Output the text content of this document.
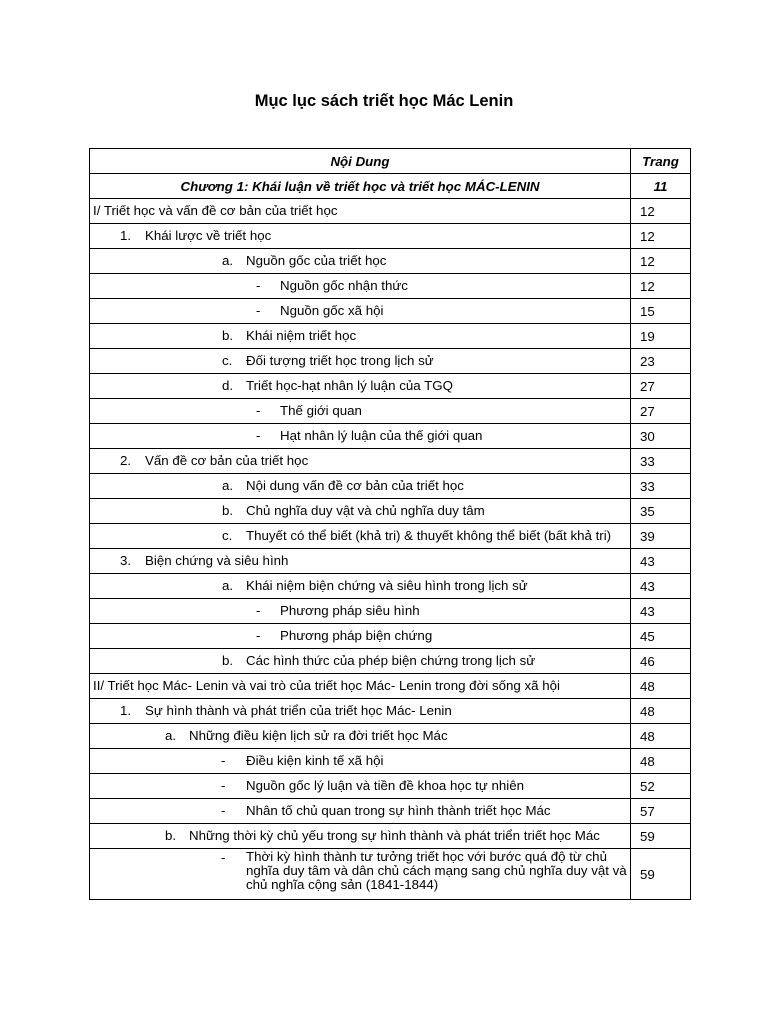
Mục lục sách triết học Mác Lenin
Nội Dung	Trang
Chương 1: Khái luận về triết học và triết học MÁC-LENIN	11

I/ Triết học và vấn đề cơ bản của triết học	12

1. Khái lược về triết học	12

a. Nguồn gốc của triết học	12

- Nguồn gốc nhận thức	12

- Nguồn gốc xã hội	15

b. Khái niệm triết học	19

c. Đối tượng triết học trong lịch sử	23

d. Triết học-hạt nhân lý luận của TGQ	27

- Thế giới quan	27

- Hạt nhân lý luận của thế giới quan	30

2. Vấn đề cơ bản của triết học	33

a. Nội dung vấn đề cơ bản của triết học	33

b. Chủ nghĩa duy vật và chủ nghĩa duy tâm	35

c. Thuyết có thể biết (khả tri) & thuyết không thể biết (bất khả tri)	39

3. Biện chứng và siêu hình	43

a. Khái niệm biện chứng và siêu hình trong lịch sử	43

- Phương pháp siêu hình	43

- Phương pháp biện chứng	45

b. Các hình thức của phép biện chứng trong lịch sử	46

II/ Triết học Mác- Lenin và vai trò của triết học Mác- Lenin trong đời sống xã hội	48

1. Sự hình thành và phát triển của triết học Mác- Lenin	48

a. Những điều kiện lịch sử ra đời triết học Mác	48

- Điều kiện kinh tế xã hội	48

- Nguồn gốc lý luận và tiền đề khoa học tự nhiên	52

- Nhân tố chủ quan trong sự hình thành triết học Mác	57

b. Những thời kỳ chủ yếu trong sự hình thành và phát triển triết học Mác	59

- Thời kỳ hình thành tư tưởng triết học với bước quá độ từ chủ nghĩa duy tâm và dân chủ cách mạng sang chủ nghĩa duy vật và chủ nghĩa cộng sản (1841-1844)	59
